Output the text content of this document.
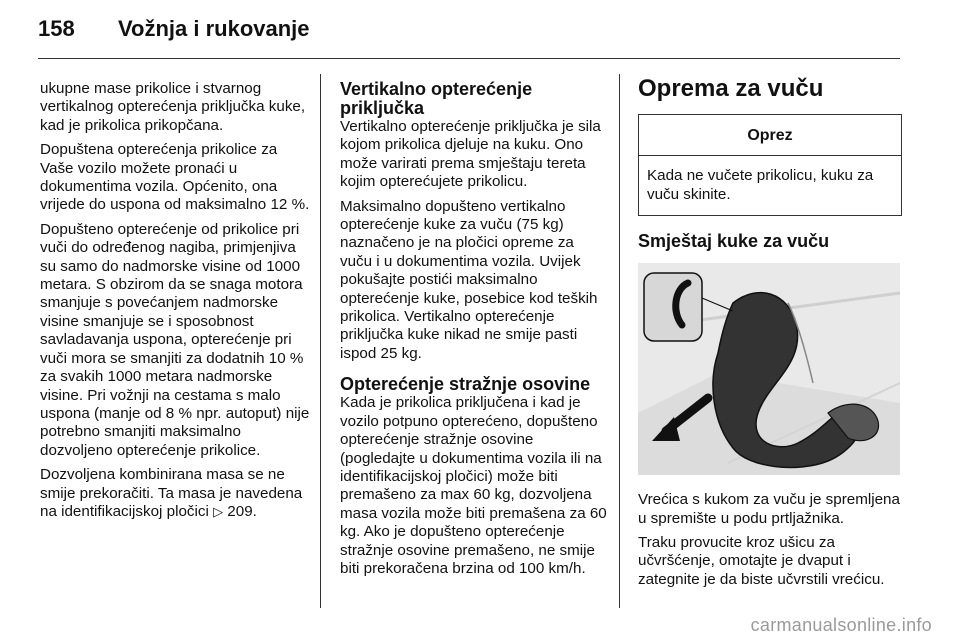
158 Vožnja i rukovanje

ukupne mase prikolice i stvarnog vertikalnog opterećenja priključka kuke, kad je prikolica prikopčana.

Dopuštena opterećenja prikolice za Vaše vozilo možete pronaći u dokumentima vozila. Općenito, ona vrijede do uspona od maksimalno 12 %.

Dopušteno opterećenje od prikolice pri vuči do određenog nagiba, primjenjiva su samo do nadmorske visine od 1000 metara. S obzirom da se snaga motora smanjuje s povećanjem nadmorske visine smanjuje se i sposobnost savladavanja uspona, opterećenje pri vuči mora se smanjiti za dodatnih 10 % za svakih 1000 metara nadmorske visine. Pri vožnji na cestama s malo uspona (manje od 8 % npr. autoput) nije potrebno smanjiti maksimalno dozvoljeno opterećenje prikolice.

Dozvoljena kombinirana masa se ne smije prekoračiti. Ta masa je navedena na identifikacijskoj pločici ▷ 209.

Vertikalno opterećenje priključka

Vertikalno opterećenje priključka je sila kojom prikolica djeluje na kuku. Ono može varirati prema smještaju tereta kojim opterećujete prikolicu.

Maksimalno dopušteno vertikalno opterećenje kuke za vuču (75 kg) naznačeno je na pločici opreme za vuču i u dokumentima vozila. Uvijek pokušajte postići maksimalno opterećenje kuke, posebice kod teških prikolica. Vertikalno opterećenje priključka kuke nikad ne smije pasti ispod 25 kg.

Opterećenje stražnje osovine

Kada je prikolica priključena i kad je vozilo potpuno opterećeno, dopušteno opterećenje stražnje osovine (pogledajte u dokumentima vozila ili na identifikacijskoj pločici) može biti premašeno za max 60 kg, dozvoljena masa vozila može biti premašena za 60 kg. Ako je dopušteno opterećenje stražnje osovine premašeno, ne smije biti prekoračena brzina od 100 km/h.

Oprema za vuču
Oprez
Kada ne vučete prikolicu, kuku za vuču skinite.
Smještaj kuke za vuču

Vrećica s kukom za vuču je spremljena u spremište u podu prtljažnika.

Traku provucite kroz ušicu za učvršćenje, omotajte je dvaput i zategnite je da biste učvrstili vrećicu.

carmanualsonline.info
